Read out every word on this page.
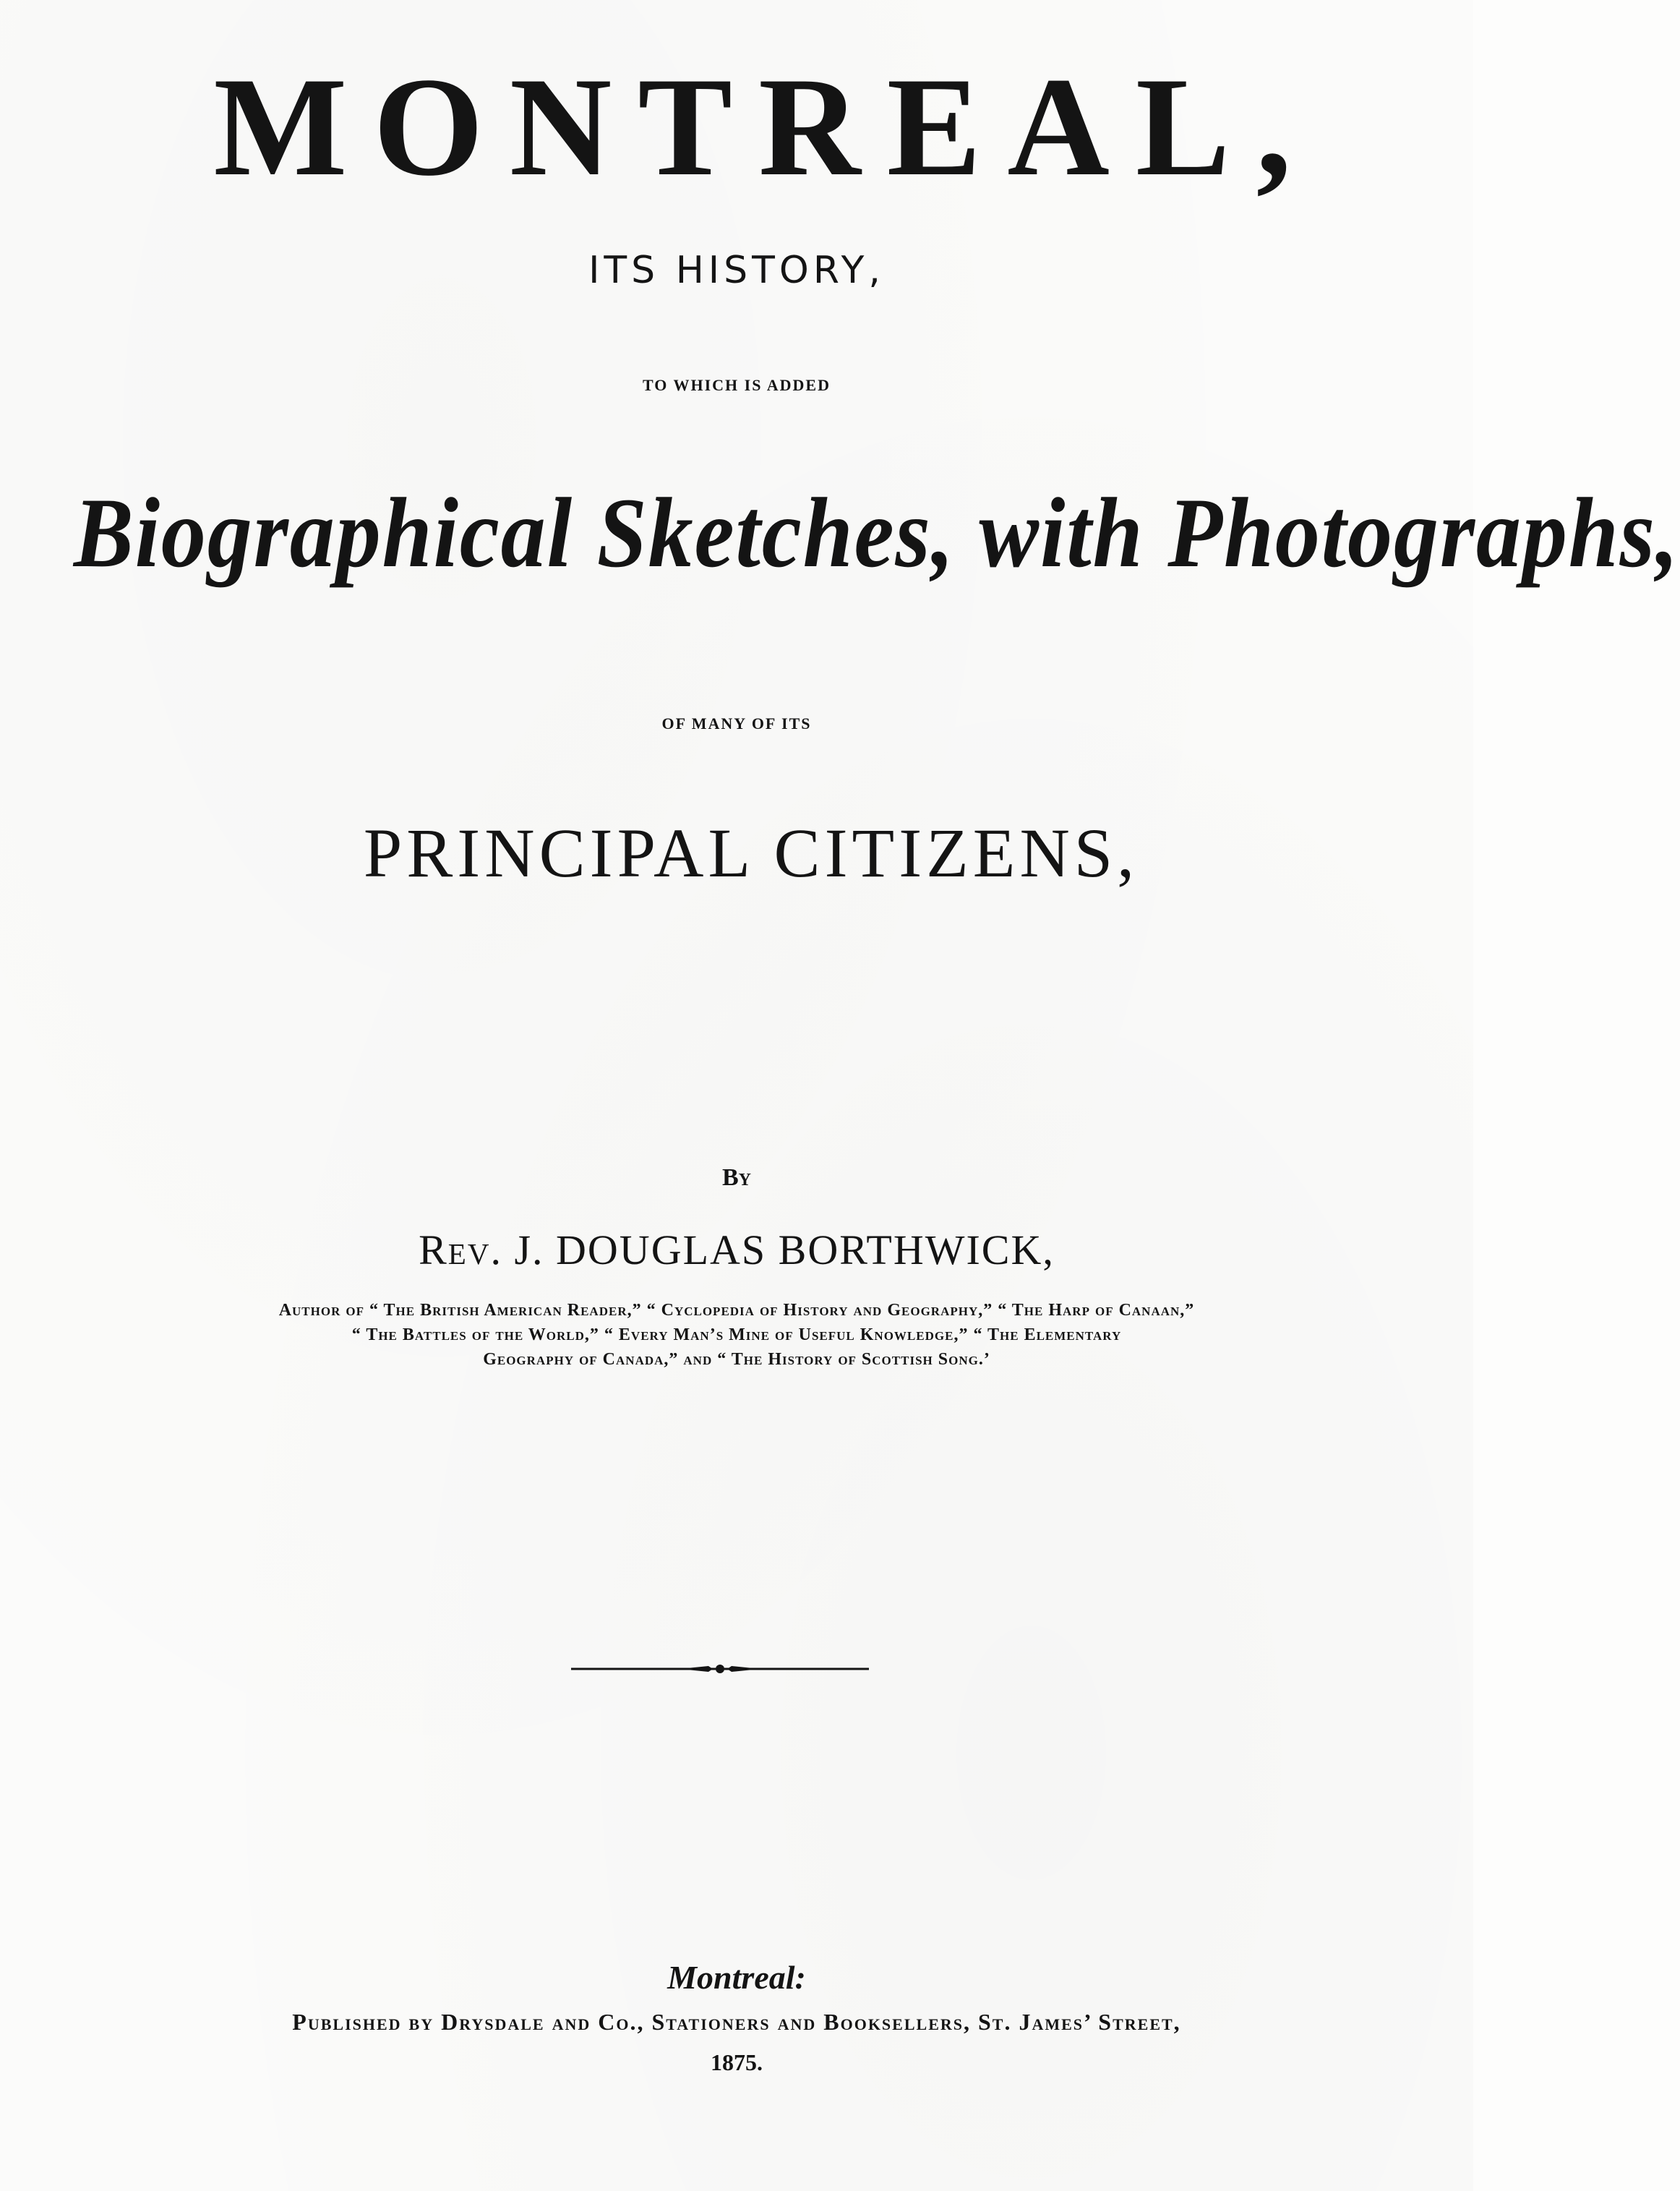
MONTREAL,
ITS HISTORY,
TO WHICH IS ADDED
Biographical Sketches, with Photographs,
OF MANY OF ITS
PRINCIPAL CITIZENS,
By
Rev. J. DOUGLAS BORTHWICK,
Author of “ The British American Reader,” “ Cyclopedia of History and Geography,” “ The Harp of Canaan,”
“ The Battles of the World,” “ Every Man’s Mine of Useful Knowledge,” “ The Elementary
Geography of Canada,” and “ The History of Scottish Song.’
Montreal:
Published by Drysdale and Co., Stationers and Booksellers, St. James’ Street,
1875.
